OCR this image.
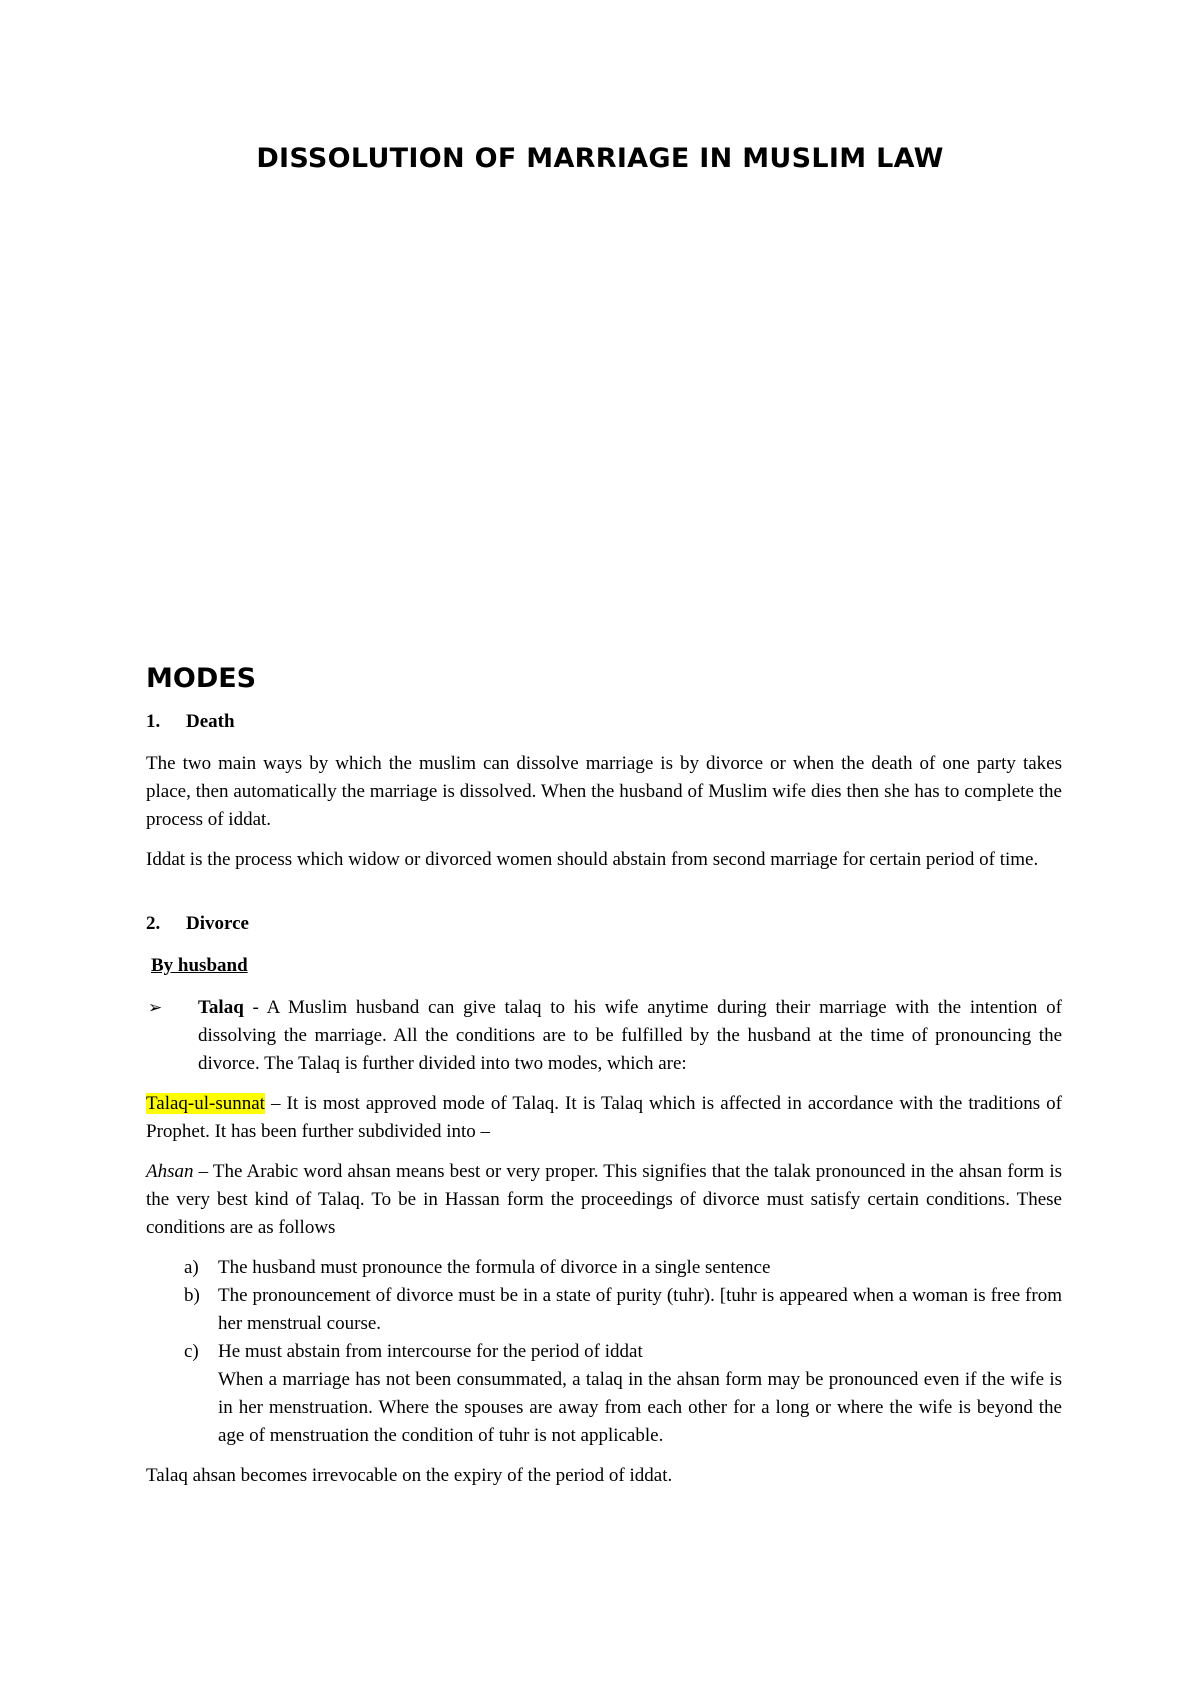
DISSOLUTION OF MARRIAGE IN MUSLIM LAW
MODES
1.	Death

The two main ways by which the muslim can dissolve marriage is by divorce or when the death of one party takes place, then automatically the marriage is dissolved. When the husband of Muslim wife dies then she has to complete the process of iddat.

Iddat is the process which widow or divorced women should abstain from second marriage for certain period of time.

2.	Divorce
By husband
➢	Talaq - A Muslim husband can give talaq to his wife anytime during their marriage with the intention of dissolving the marriage. All the conditions are to be fulfilled by the husband at the time of pronouncing the divorce. The Talaq is further divided into two modes, which are:

Talaq-ul-sunnat – It is most approved mode of Talaq. It is Talaq which is affected in accordance with the traditions of Prophet. It has been further subdivided into –

Ahsan – The Arabic word ahsan means best or very proper. This signifies that the talak pronounced in the ahsan form is the very best kind of Talaq. To be in Hassan form the proceedings of divorce must satisfy certain conditions. These conditions are as follows

a)	The husband must pronounce the formula of divorce in a single sentence
b) The pronouncement of divorce must be in a state of purity (tuhr). [tuhr is appeared when a woman is free from her menstrual course.
c)	He must abstain from intercourse for the period of iddat
When a marriage has not been consummated, a talaq in the ahsan form may be pronounced even if the wife is in her menstruation. Where the spouses are away from each other for a long or where the wife is beyond the age of menstruation the condition of tuhr is not applicable.

Talaq ahsan becomes irrevocable on the expiry of the period of iddat.
